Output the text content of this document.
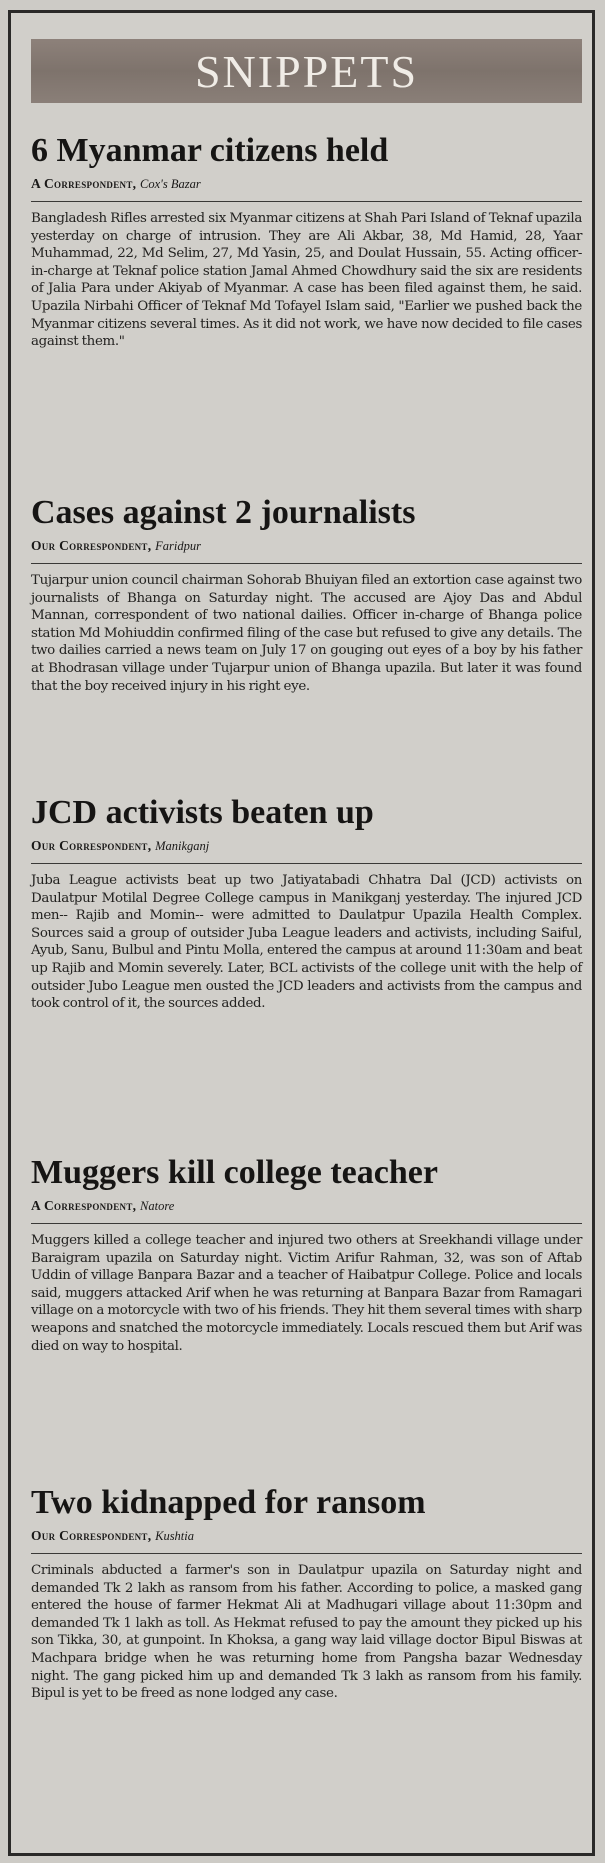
SNIPPETS
6 Myanmar citizens held
A Correspondent, Cox's Bazar
Bangladesh Rifles arrested six Myanmar citizens at Shah Pari Island of Teknaf upazila yesterday on charge of intrusion. They are Ali Akbar, 38, Md Hamid, 28, Yaar Muhammad, 22, Md Selim, 27, Md Yasin, 25, and Doulat Hussain, 55. Acting officer-in-charge at Teknaf police station Jamal Ahmed Chowdhury said the six are residents of Jalia Para under Akiyab of Myanmar. A case has been filed against them, he said. Upazila Nirbahi Officer of Teknaf Md Tofayel Islam said, "Earlier we pushed back the Myanmar citizens several times. As it did not work, we have now decided to file cases against them."
Cases against 2 journalists
Our Correspondent, Faridpur
Tujarpur union council chairman Sohorab Bhuiyan filed an extortion case against two journalists of Bhanga on Saturday night. The accused are Ajoy Das and Abdul Mannan, correspondent of two national dailies. Officer in-charge of Bhanga police station Md Mohiuddin confirmed filing of the case but refused to give any details. The two dailies carried a news team on July 17 on gouging out eyes of a boy by his father at Bhodrasan village under Tujarpur union of Bhanga upazila. But later it was found that the boy received injury in his right eye.
JCD activists beaten up
Our Correspondent, Manikganj
Juba League activists beat up two Jatiyatabadi Chhatra Dal (JCD) activists on Daulatpur Motilal Degree College campus in Manikganj yesterday. The injured JCD men-- Rajib and Momin-- were admitted to Daulatpur Upazila Health Complex. Sources said a group of outsider Juba League leaders and activists, including Saiful, Ayub, Sanu, Bulbul and Pintu Molla, entered the campus at around 11:30am and beat up Rajib and Momin severely. Later, BCL activists of the college unit with the help of outsider Jubo League men ousted the JCD leaders and activists from the campus and took control of it, the sources added.
Muggers kill college teacher
A Correspondent, Natore
Muggers killed a college teacher and injured two others at Sreekhandi village under Baraigram upazila on Saturday night. Victim Arifur Rahman, 32, was son of Aftab Uddin of village Banpara Bazar and a teacher of Haibatpur College. Police and locals said, muggers attacked Arif when he was returning at Banpara Bazar from Ramagari village on a motorcycle with two of his friends. They hit them several times with sharp weapons and snatched the motorcycle immediately. Locals rescued them but Arif was died on way to hospital.
Two kidnapped for ransom
Our Correspondent, Kushtia
Criminals abducted a farmer's son in Daulatpur upazila on Saturday night and demanded Tk 2 lakh as ransom from his father. According to police, a masked gang entered the house of farmer Hekmat Ali at Madhugari village about 11:30pm and demanded Tk 1 lakh as toll. As Hekmat refused to pay the amount they picked up his son Tikka, 30, at gunpoint. In Khoksa, a gang way laid village doctor Bipul Biswas at Machpara bridge when he was returning home from Pangsha bazar Wednesday night. The gang picked him up and demanded Tk 3 lakh as ransom from his family. Bipul is yet to be freed as none lodged any case.
